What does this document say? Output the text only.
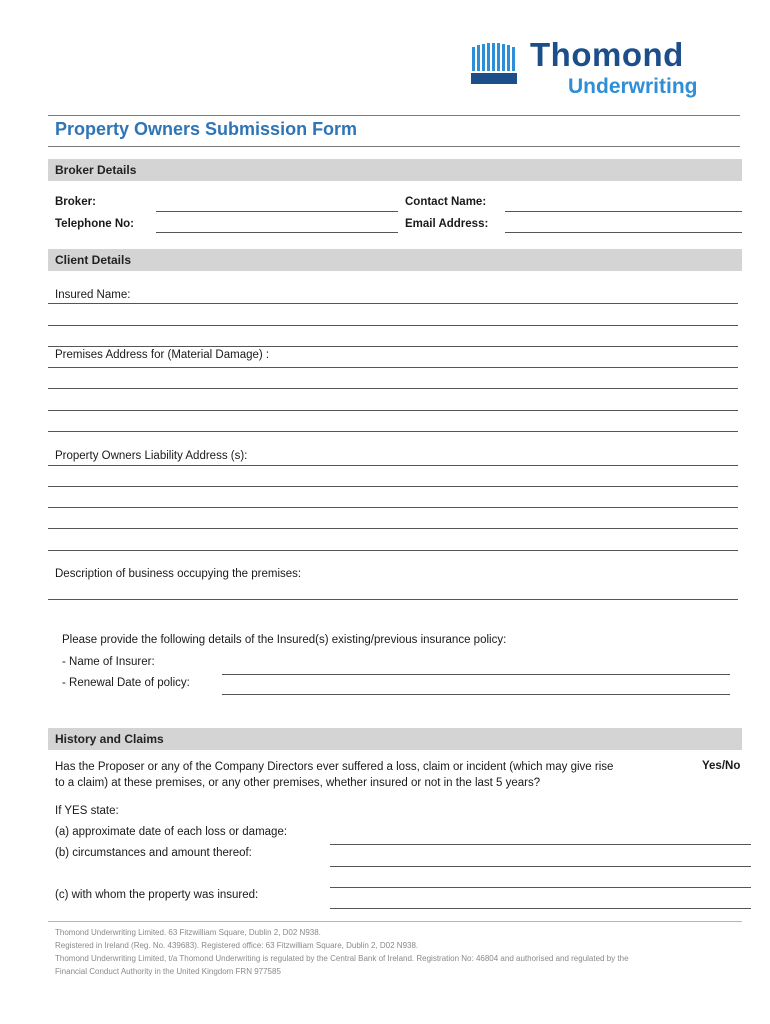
Thomond
Underwriting
Property Owners Submission Form
Broker Details
Broker:	Contact Name:
Telephone No:	Email Address:
Client Details
Insured Name:
Premises Address for (Material Damage) :
Property Owners Liability Address (s):
Description of business occupying the premises:
Please provide the following details of the Insured(s) existing/previous insurance policy:
- Name of Insurer:
- Renewal Date of policy:
History and Claims
Has the Proposer or any of the Company Directors ever suffered a loss, claim or incident (which may give rise
to a claim) at these premises, or any other premises, whether insured or not in the last 5 years?
Yes/No
If YES state:
(a) approximate date of each loss or damage:
(b) circumstances and amount thereof:
(c) with whom the property was insured:
Thomond Underwriting Limited. 63 Fitzwilliam Square, Dublin 2, D02 N938.
Registered in Ireland (Reg. No. 439683). Registered office: 63 Fitzwilliam Square, Dublin 2, D02 N938.
Thomond Underwriting Limited, t/a Thomond Underwriting is regulated by the Central Bank of Ireland. Registration No: 46804 and authorised and regulated by the
Financial Conduct Authority in the United Kingdom FRN 977585
